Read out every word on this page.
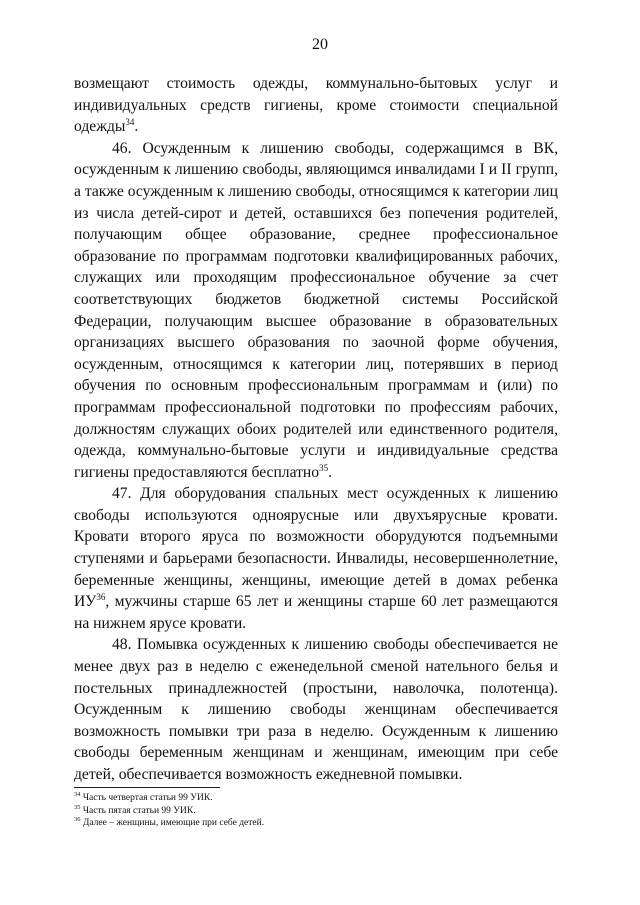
20

возмещают стоимость одежды, коммунально-бытовых услуг и индивидуальных средств гигиены, кроме стоимости специальной одежды$^{34}$.

46. Осужденным к лишению свободы, содержащимся в ВК, осужденным к лишению свободы, являющимся инвалидами I и II групп, а также осужденным к лишению свободы, относящимся к категории лиц из числа детей-сирот и детей, оставшихся без попечения родителей, получающим общее образование, среднее профессиональное образование по программам подготовки квалифицированных рабочих, служащих или проходящим профессиональное обучение за счет соответствующих бюджетов бюджетной системы Российской Федерации, получающим высшее образование в образовательных организациях высшего образования по заочной форме обучения, осужденным, относящимся к категории лиц, потерявших в период обучения по основным профессиональным программам и (или) по программам профессиональной подготовки по профессиям рабочих, должностям служащих обоих родителей или единственного родителя, одежда, коммунально-бытовые услуги и индивидуальные средства гигиены предоставляются бесплатно$^{35}$.

47. Для оборудования спальных мест осужденных к лишению свободы используются одноярусные или двухъярусные кровати. Кровати второго яруса по возможности оборудуются подъемными ступенями и барьерами безопасности. Инвалиды, несовершеннолетние, беременные женщины, женщины, имеющие детей в домах ребенка ИУ$^{36}$, мужчины старше 65 лет и женщины старше 60 лет размещаются на нижнем ярусе кровати.

48. Помывка осужденных к лишению свободы обеспечивается не менее двух раз в неделю с еженедельной сменой нательного белья и постельных принадлежностей (простыни, наволочка, полотенца). Осужденным к лишению свободы женщинам обеспечивается возможность помывки три раза в неделю. Осужденным к лишению свободы беременным женщинам и женщинам, имеющим при себе детей, обеспечивается возможность ежедневной помывки.

$^{34}$ Часть четвертая статьи 99 УИК.

$^{35}$ Часть пятая статьи 99 УИК.

$^{36}$ Далее – женщины, имеющие при себе детей.
